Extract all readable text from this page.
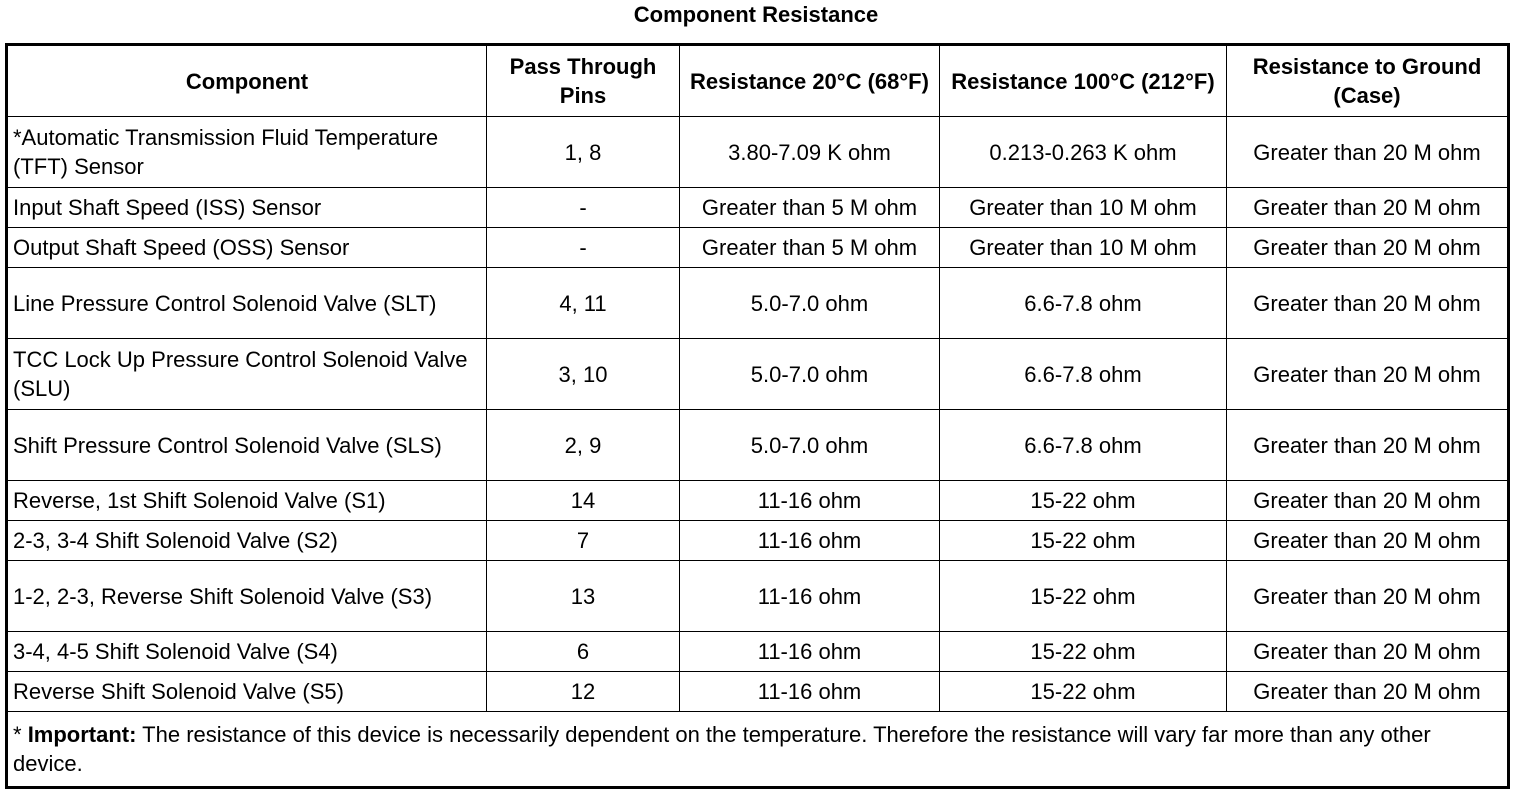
Component Resistance
Component	Pass Through Pins	Resistance 20°C (68°F)	Resistance 100°C (212°F)	Resistance to Ground (Case)
*Automatic Transmission Fluid Temperature (TFT) Sensor	1, 8	3.80-7.09 K ohm	0.213-0.263 K ohm	Greater than 20 M ohm
Input Shaft Speed (ISS) Sensor	-	Greater than 5 M ohm	Greater than 10 M ohm	Greater than 20 M ohm
Output Shaft Speed (OSS) Sensor	-	Greater than 5 M ohm	Greater than 10 M ohm	Greater than 20 M ohm
Line Pressure Control Solenoid Valve (SLT)	4, 11	5.0-7.0 ohm	6.6-7.8 ohm	Greater than 20 M ohm
TCC Lock Up Pressure Control Solenoid Valve (SLU)	3, 10	5.0-7.0 ohm	6.6-7.8 ohm	Greater than 20 M ohm
Shift Pressure Control Solenoid Valve (SLS)	2, 9	5.0-7.0 ohm	6.6-7.8 ohm	Greater than 20 M ohm
Reverse, 1st Shift Solenoid Valve (S1)	14	11-16 ohm	15-22 ohm	Greater than 20 M ohm
2-3, 3-4 Shift Solenoid Valve (S2)	7	11-16 ohm	15-22 ohm	Greater than 20 M ohm
1-2, 2-3, Reverse Shift Solenoid Valve (S3)	13	11-16 ohm	15-22 ohm	Greater than 20 M ohm
3-4, 4-5 Shift Solenoid Valve (S4)	6	11-16 ohm	15-22 ohm	Greater than 20 M ohm
Reverse Shift Solenoid Valve (S5)	12	11-16 ohm	15-22 ohm	Greater than 20 M ohm
* Important: The resistance of this device is necessarily dependent on the temperature. Therefore the resistance will vary far more than any other device.				
